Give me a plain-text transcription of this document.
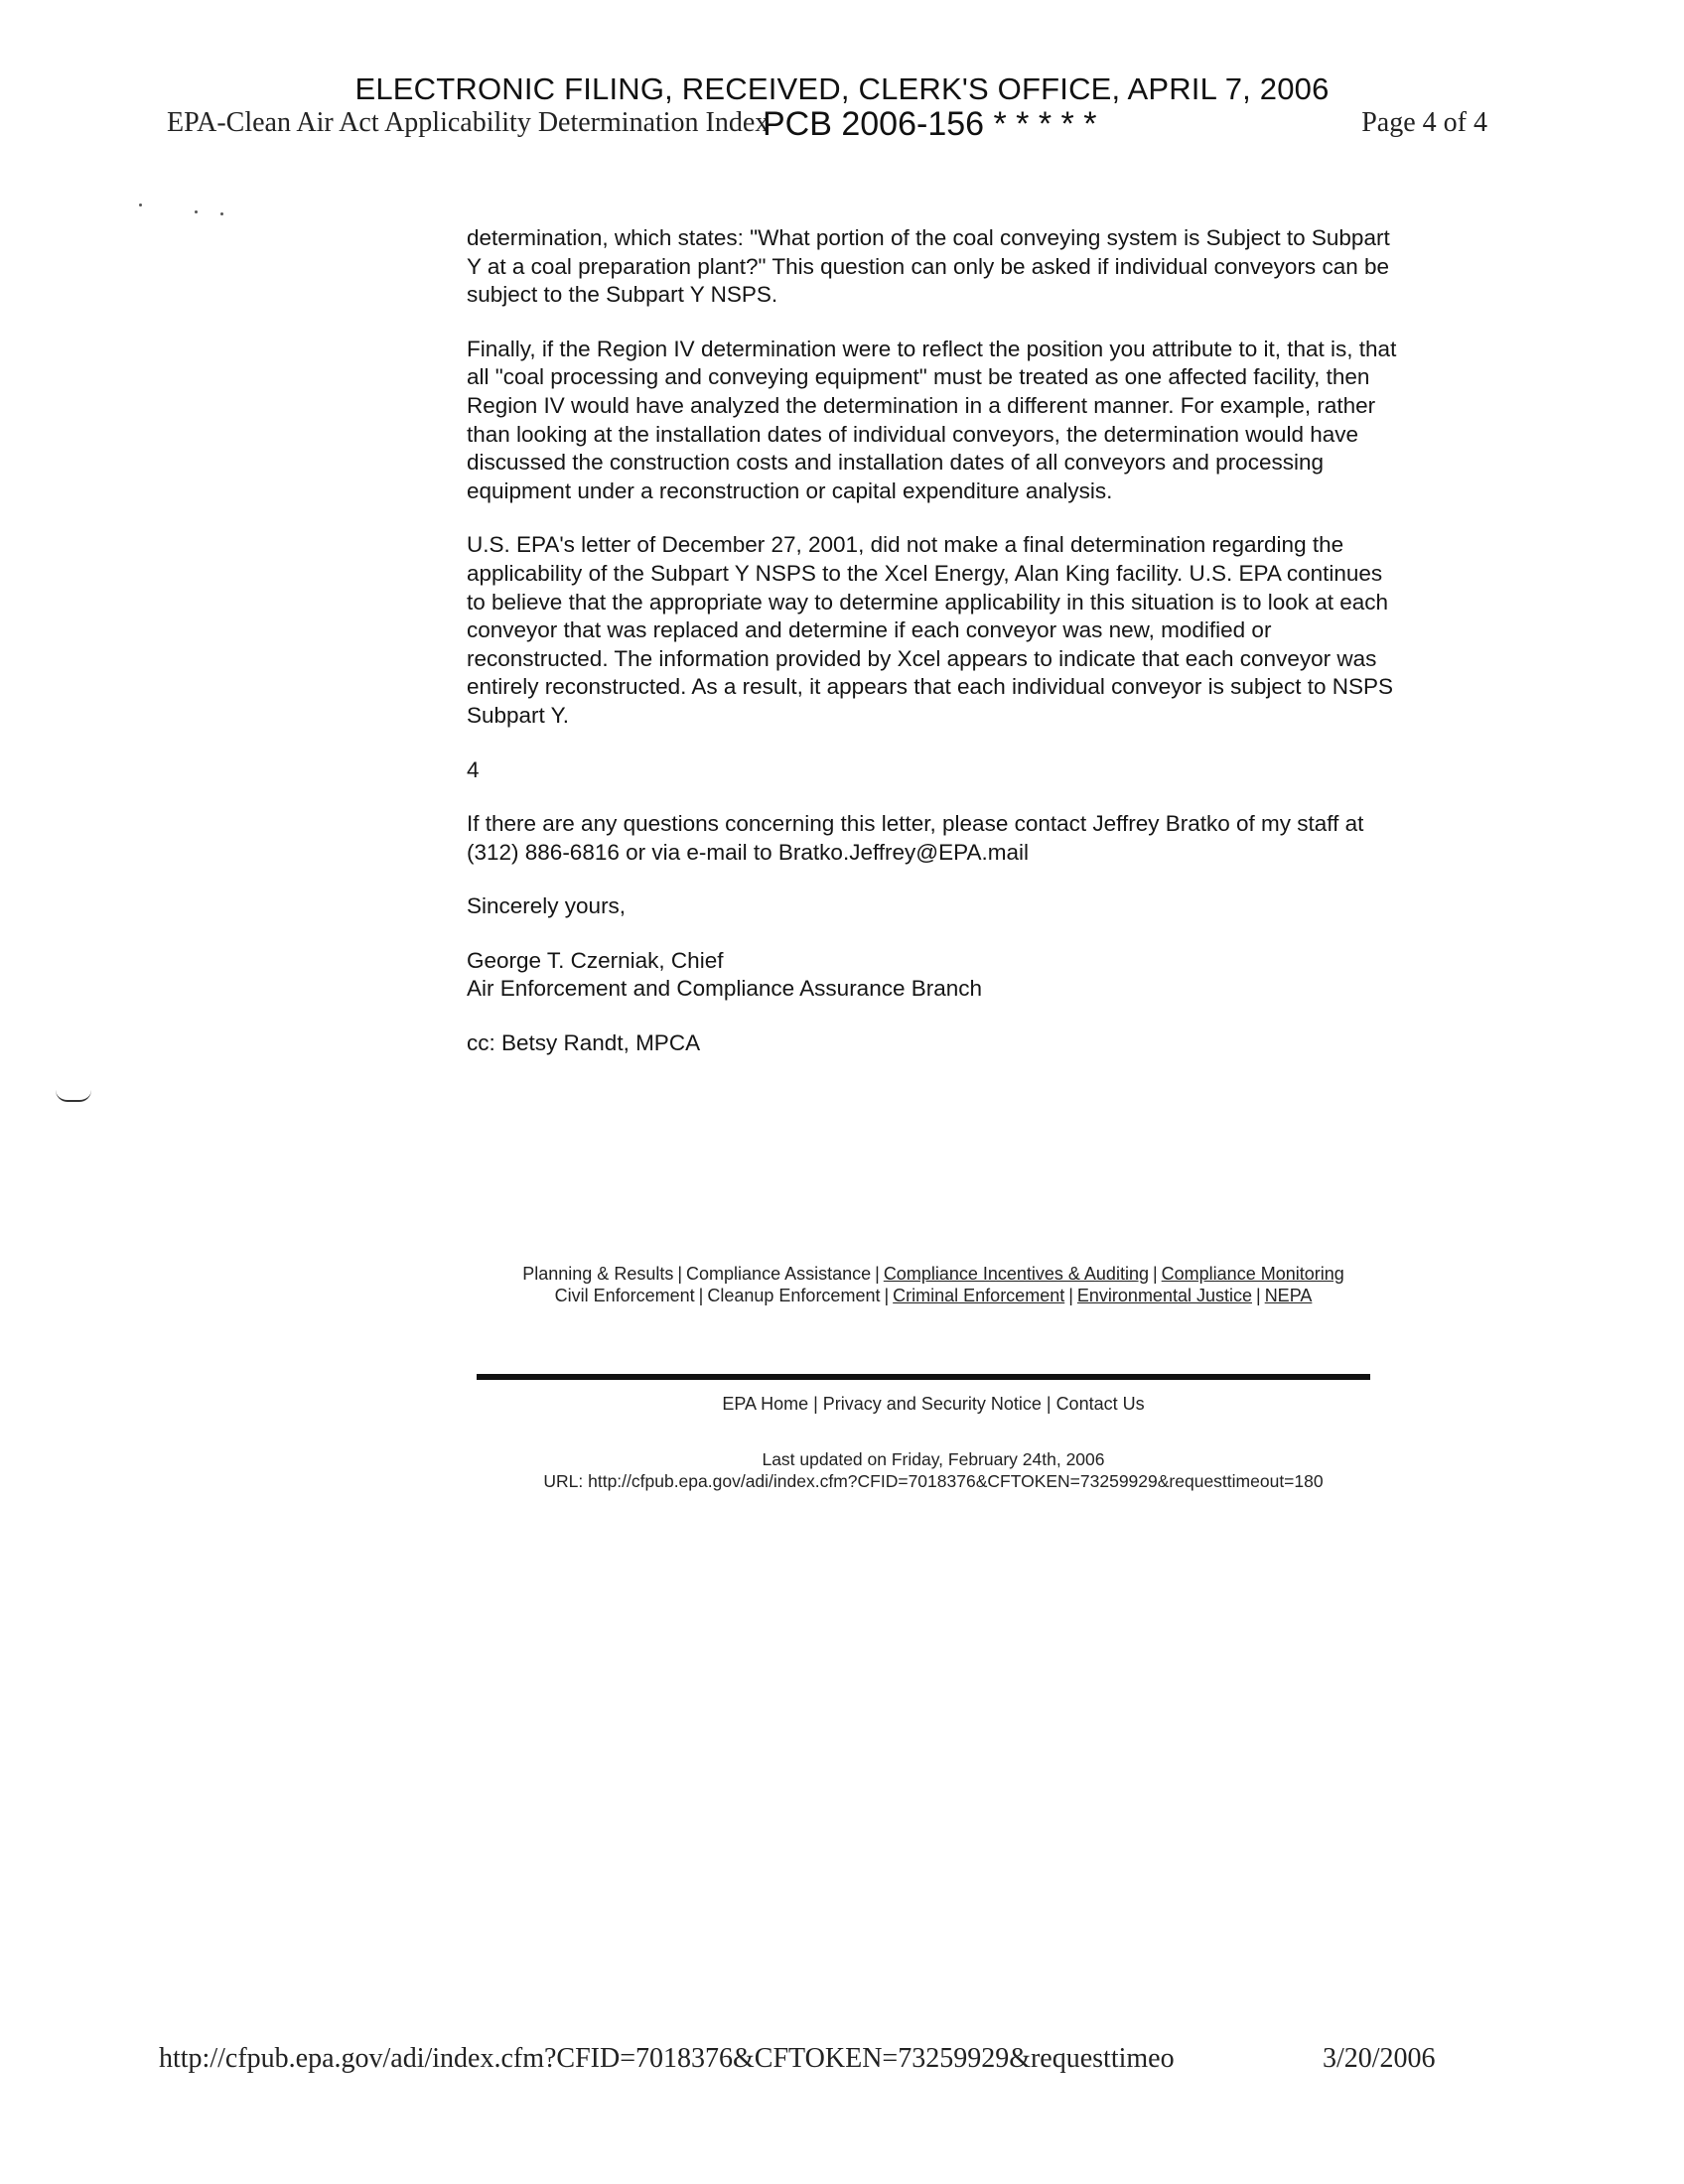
ELECTRONIC FILING, RECEIVED, CLERK'S OFFICE, APRIL 7, 2006
EPA-Clean Air Act Applicability Determination Index
PCB 2006-156 * * * * *	Page 4 of 4

determination, which states: "What portion of the coal conveying system is Subject to Subpart Y at a coal preparation plant?" This question can only be asked if individual conveyors can be subject to the Subpart Y NSPS.

Finally, if the Region IV determination were to reflect the position you attribute to it, that is, that all "coal processing and conveying equipment" must be treated as one affected facility, then Region IV would have analyzed the determination in a different manner. For example, rather than looking at the installation dates of individual conveyors, the determination would have discussed the construction costs and installation dates of all conveyors and processing equipment under a reconstruction or capital expenditure analysis.

U.S. EPA's letter of December 27, 2001, did not make a final determination regarding the applicability of the Subpart Y NSPS to the Xcel Energy, Alan King facility. U.S. EPA continues to believe that the appropriate way to determine applicability in this situation is to look at each conveyor that was replaced and determine if each conveyor was new, modified or reconstructed. The information provided by Xcel appears to indicate that each conveyor was entirely reconstructed. As a result, it appears that each individual conveyor is subject to NSPS Subpart Y.

4

If there are any questions concerning this letter, please contact Jeffrey Bratko of my staff at (312) 886-6816 or via e-mail to Bratko.Jeffrey@EPA.mail

Sincerely yours,

George T. Czerniak, Chief
Air Enforcement and Compliance Assurance Branch

cc: Betsy Randt, MPCA

Planning & Results | Compliance Assistance | Compliance Incentives & Auditing | Compliance Monitoring
Civil Enforcement | Cleanup Enforcement | Criminal Enforcement | Environmental Justice | NEPA
EPA Home | Privacy and Security Notice | Contact Us
Last updated on Friday, February 24th, 2006
URL: http://cfpub.epa.gov/adi/index.cfm?CFID=7018376&CFTOKEN=73259929&requesttimeout=180
http://cfpub.epa.gov/adi/index.cfm?CFID=7018376&CFTOKEN=73259929&requesttimeo	3/20/2006
